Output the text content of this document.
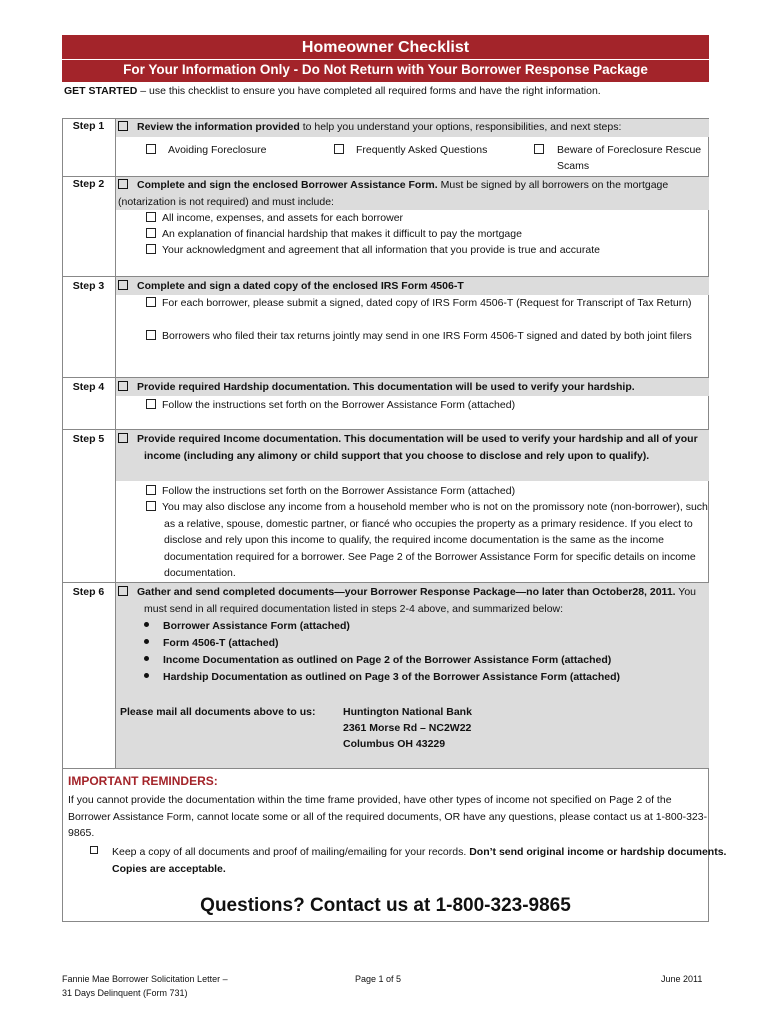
Homeowner Checklist
For Your Information Only - Do Not Return with Your Borrower Response Package
GET STARTED – use this checklist to ensure you have completed all required forms and have the right information.
Step 1	Review the information provided to help you understand your options, responsibilities, and next steps:
Avoiding Foreclosure	Frequently Asked Questions	Beware of Foreclosure Rescue Scams
Step 2	Complete and sign the enclosed Borrower Assistance Form. Must be signed by all borrowers on the mortgage (notarization is not required) and must include:
All income, expenses, and assets for each borrower
An explanation of financial hardship that makes it difficult to pay the mortgage
Your acknowledgment and agreement that all information that you provide is true and accurate
Step 3	Complete and sign a dated copy of the enclosed IRS Form 4506-T
For each borrower, please submit a signed, dated copy of IRS Form 4506-T (Request for Transcript of Tax Return)
Borrowers who filed their tax returns jointly may send in one IRS Form 4506-T signed and dated by both joint filers
Step 4	Provide required Hardship documentation. This documentation will be used to verify your hardship.
Follow the instructions set forth on the Borrower Assistance Form (attached)
Step 5	Provide required Income documentation. This documentation will be used to verify your hardship and all of your income (including any alimony or child support that you choose to disclose and rely upon to qualify).
Follow the instructions set forth on the Borrower Assistance Form (attached)
You may also disclose any income from a household member who is not on the promissory note (non-borrower), such as a relative, spouse, domestic partner, or fiancé who occupies the property as a primary residence. If you elect to disclose and rely upon this income to qualify, the required income documentation is the same as the income documentation required for a borrower. See Page 2 of the Borrower Assistance Form for specific details on income documentation.
Step 6	Gather and send completed documents—your Borrower Response Package—no later than October28, 2011. You must send in all required documentation listed in steps 2-4 above, and summarized below:
Borrower Assistance Form (attached)
Form 4506-T (attached)
Income Documentation as outlined on Page 2 of the Borrower Assistance Form (attached)
Hardship Documentation as outlined on Page 3 of the Borrower Assistance Form (attached)
Please mail all documents above to us:	Huntington National Bank
2361 Morse Rd – NC2W22
Columbus OH 43229
IMPORTANT REMINDERS:
If you cannot provide the documentation within the time frame provided, have other types of income not specified on Page 2 of the Borrower Assistance Form, cannot locate some or all of the required documents, OR have any questions, please contact us at 1-800-323-9865.
Keep a copy of all documents and proof of mailing/emailing for your records. Don’t send original income or hardship documents. Copies are acceptable.
Questions? Contact us at 1-800-323-9865
Fannie Mae Borrower Solicitation Letter –
31 Days Delinquent (Form 731)
Page 1 of 5	June 2011
